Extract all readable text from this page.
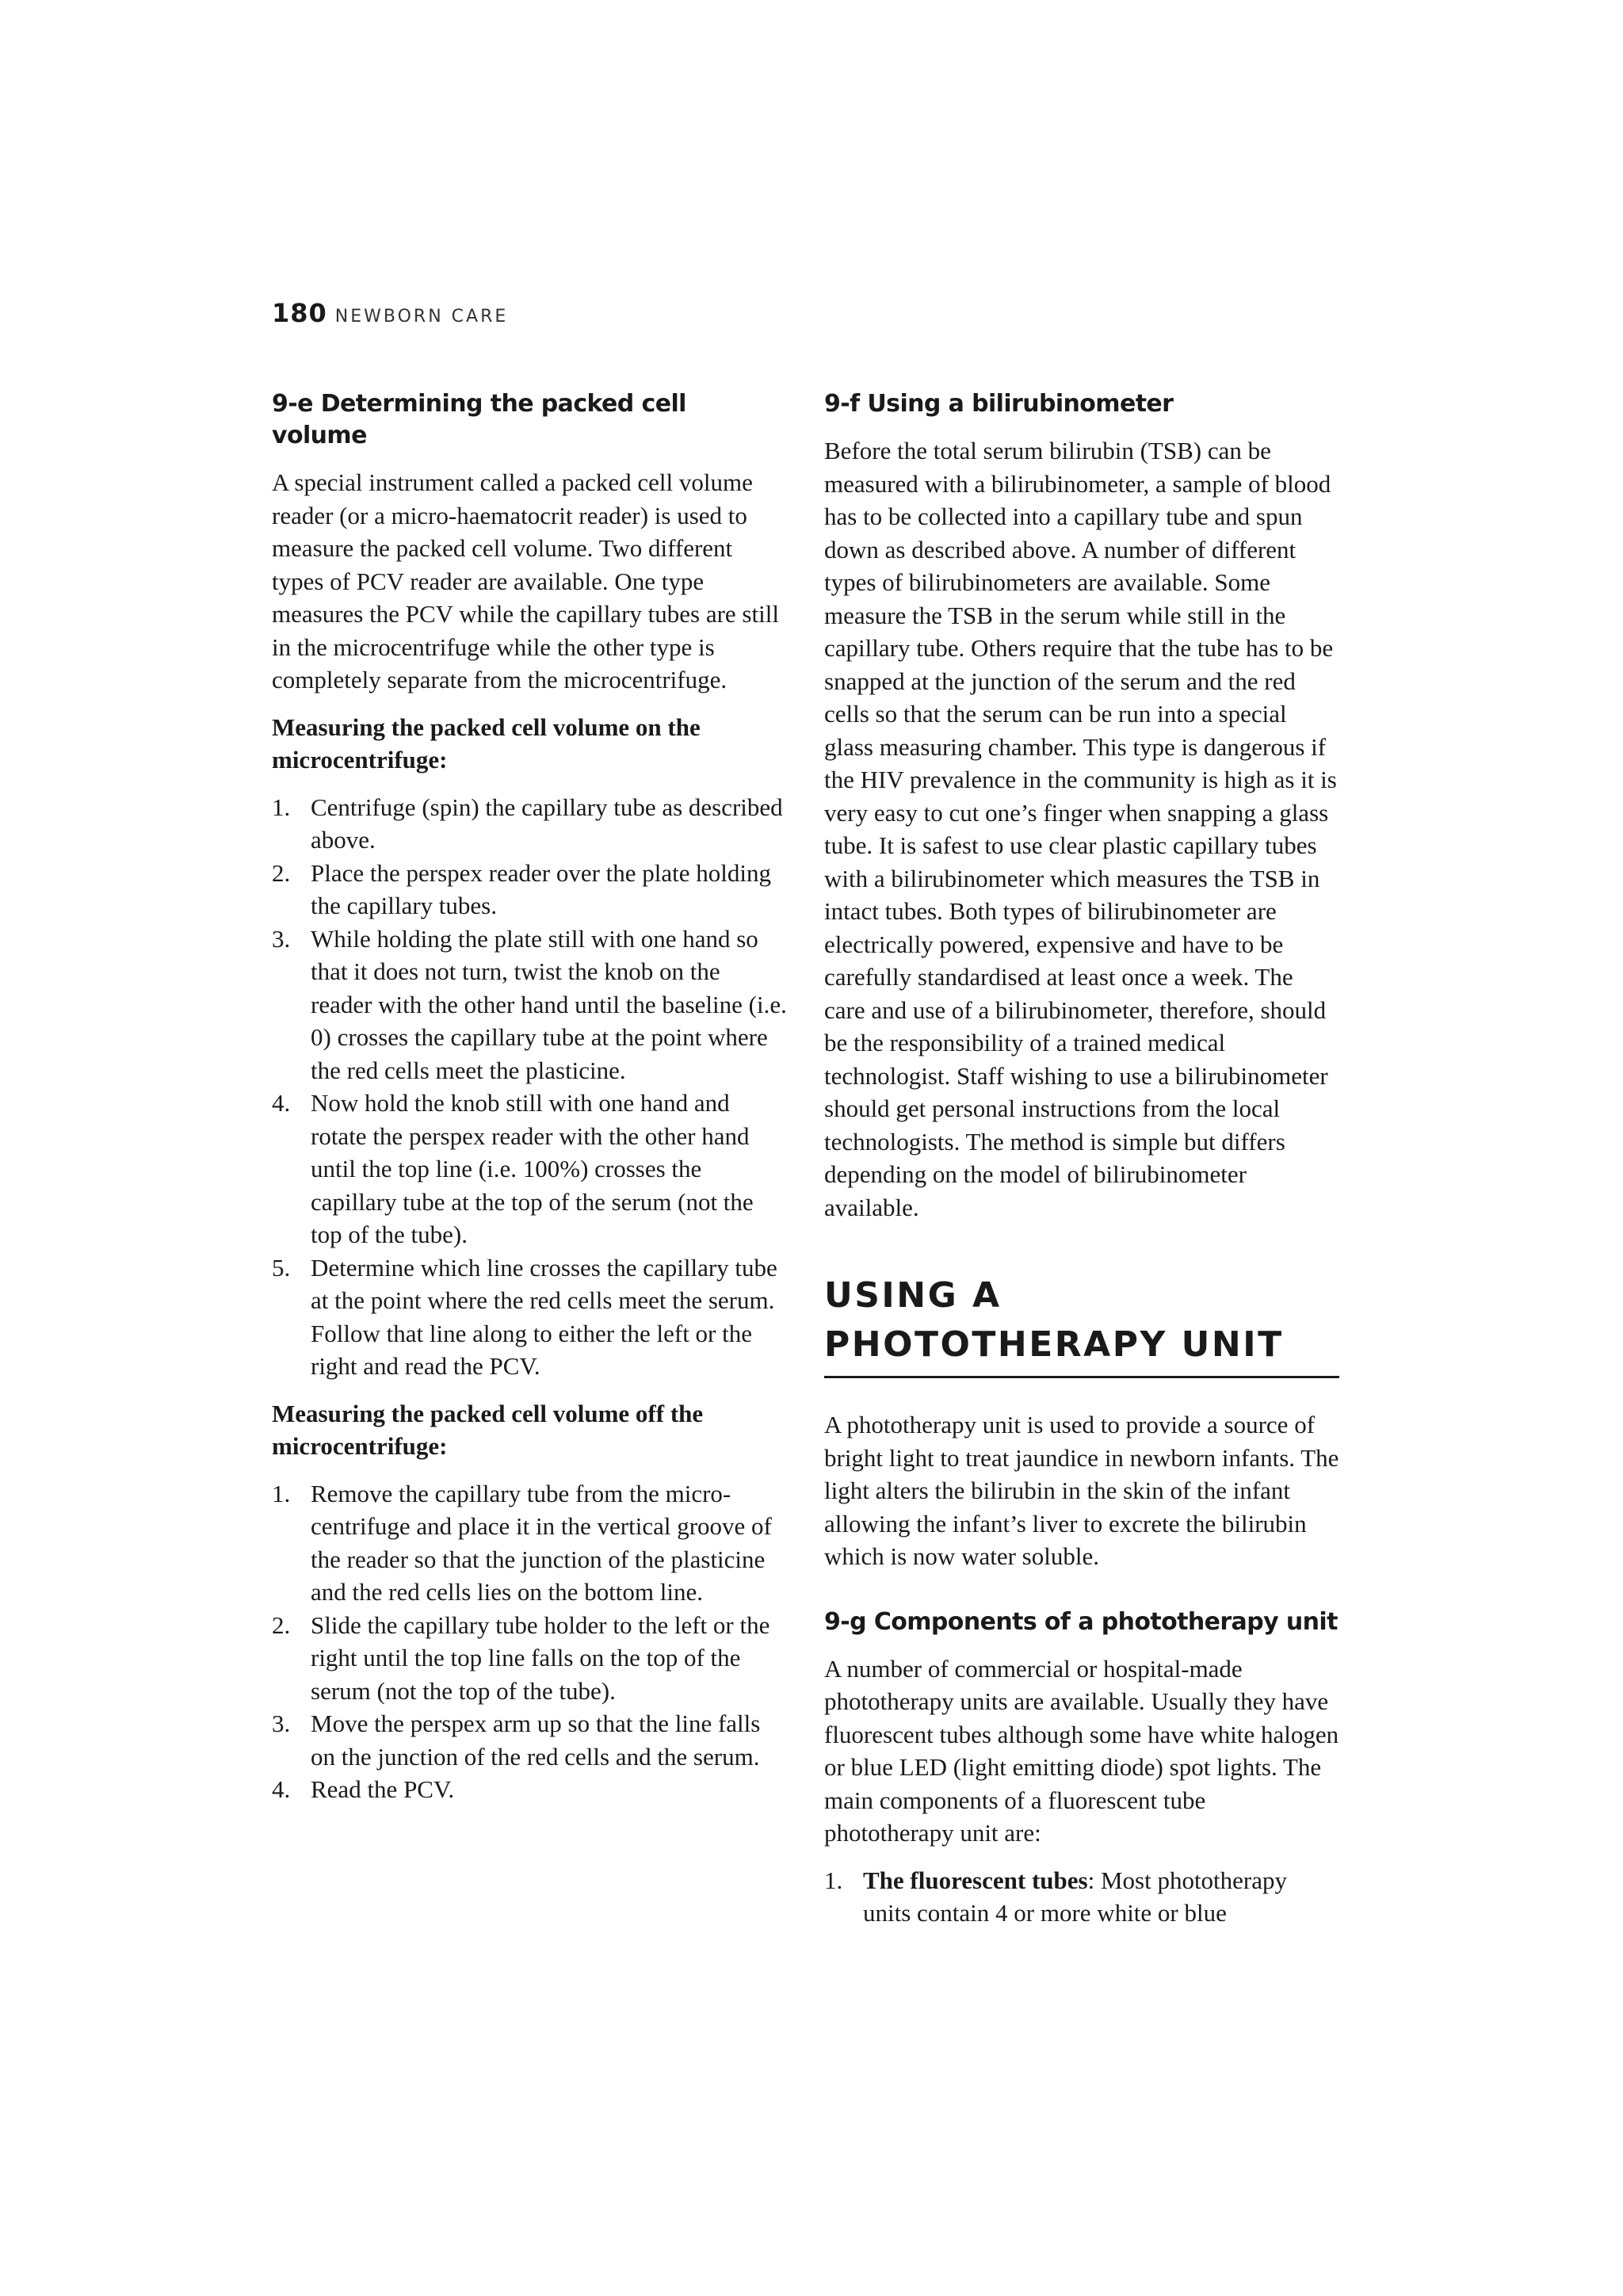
180 NEWBORN CARE
9-e Determining the packed cell volume

A special instrument called a packed cell volume reader (or a micro-haematocrit reader) is used to measure the packed cell volume. Two different types of PCV reader are available. One type measures the PCV while the capillary tubes are still in the microcentrifuge while the other type is completely separate from the microcentrifuge.

Measuring the packed cell volume on the microcentrifuge:
1. Centrifuge (spin) the capillary tube as described above.
2. Place the perspex reader over the plate holding the capillary tubes.
3. While holding the plate still with one hand so that it does not turn, twist the knob on the reader with the other hand until the baseline (i.e. 0) crosses the capillary tube at the point where the red cells meet the plasticine.
4. Now hold the knob still with one hand and rotate the perspex reader with the other hand until the top line (i.e. 100%) crosses the capillary tube at the top of the serum (not the top of the tube).
5. Determine which line crosses the capillary tube at the point where the red cells meet the serum. Follow that line along to either the left or the right and read the PCV.
Measuring the packed cell volume off the microcentrifuge:
1. Remove the capillary tube from the micro-centrifuge and place it in the vertical groove of the reader so that the junction of the plasticine and the red cells lies on the bottom line.
2. Slide the capillary tube holder to the left or the right until the top line falls on the top of the serum (not the top of the tube).
3. Move the perspex arm up so that the line falls on the junction of the red cells and the serum.
4. Read the PCV.
9-f Using a bilirubinometer

Before the total serum bilirubin (TSB) can be measured with a bilirubinometer, a sample of blood has to be collected into a capillary tube and spun down as described above. A number of different types of bilirubinometers are available. Some measure the TSB in the serum while still in the capillary tube. Others require that the tube has to be snapped at the junction of the serum and the red cells so that the serum can be run into a special glass measuring chamber. This type is dangerous if the HIV prevalence in the community is high as it is very easy to cut one’s finger when snapping a glass tube. It is safest to use clear plastic capillary tubes with a bilirubinometer which measures the TSB in intact tubes. Both types of bilirubinometer are electrically powered, expensive and have to be carefully standardised at least once a week. The care and use of a bilirubinometer, therefore, should be the responsibility of a trained medical technologist. Staff wishing to use a bilirubinometer should get personal instructions from the local technologists. The method is simple but differs depending on the model of bilirubinometer available.

USING A PHOTOTHERAPY UNIT

A phototherapy unit is used to provide a source of bright light to treat jaundice in newborn infants. The light alters the bilirubin in the skin of the infant allowing the infant’s liver to excrete the bilirubin which is now water soluble.

9-g Components of a phototherapy unit

A number of commercial or hospital-made phototherapy units are available. Usually they have fluorescent tubes although some have white halogen or blue LED (light emitting diode) spot lights. The main components of a fluorescent tube phototherapy unit are:

1. The fluorescent tubes: Most phototherapy units contain 4 or more white or blue
